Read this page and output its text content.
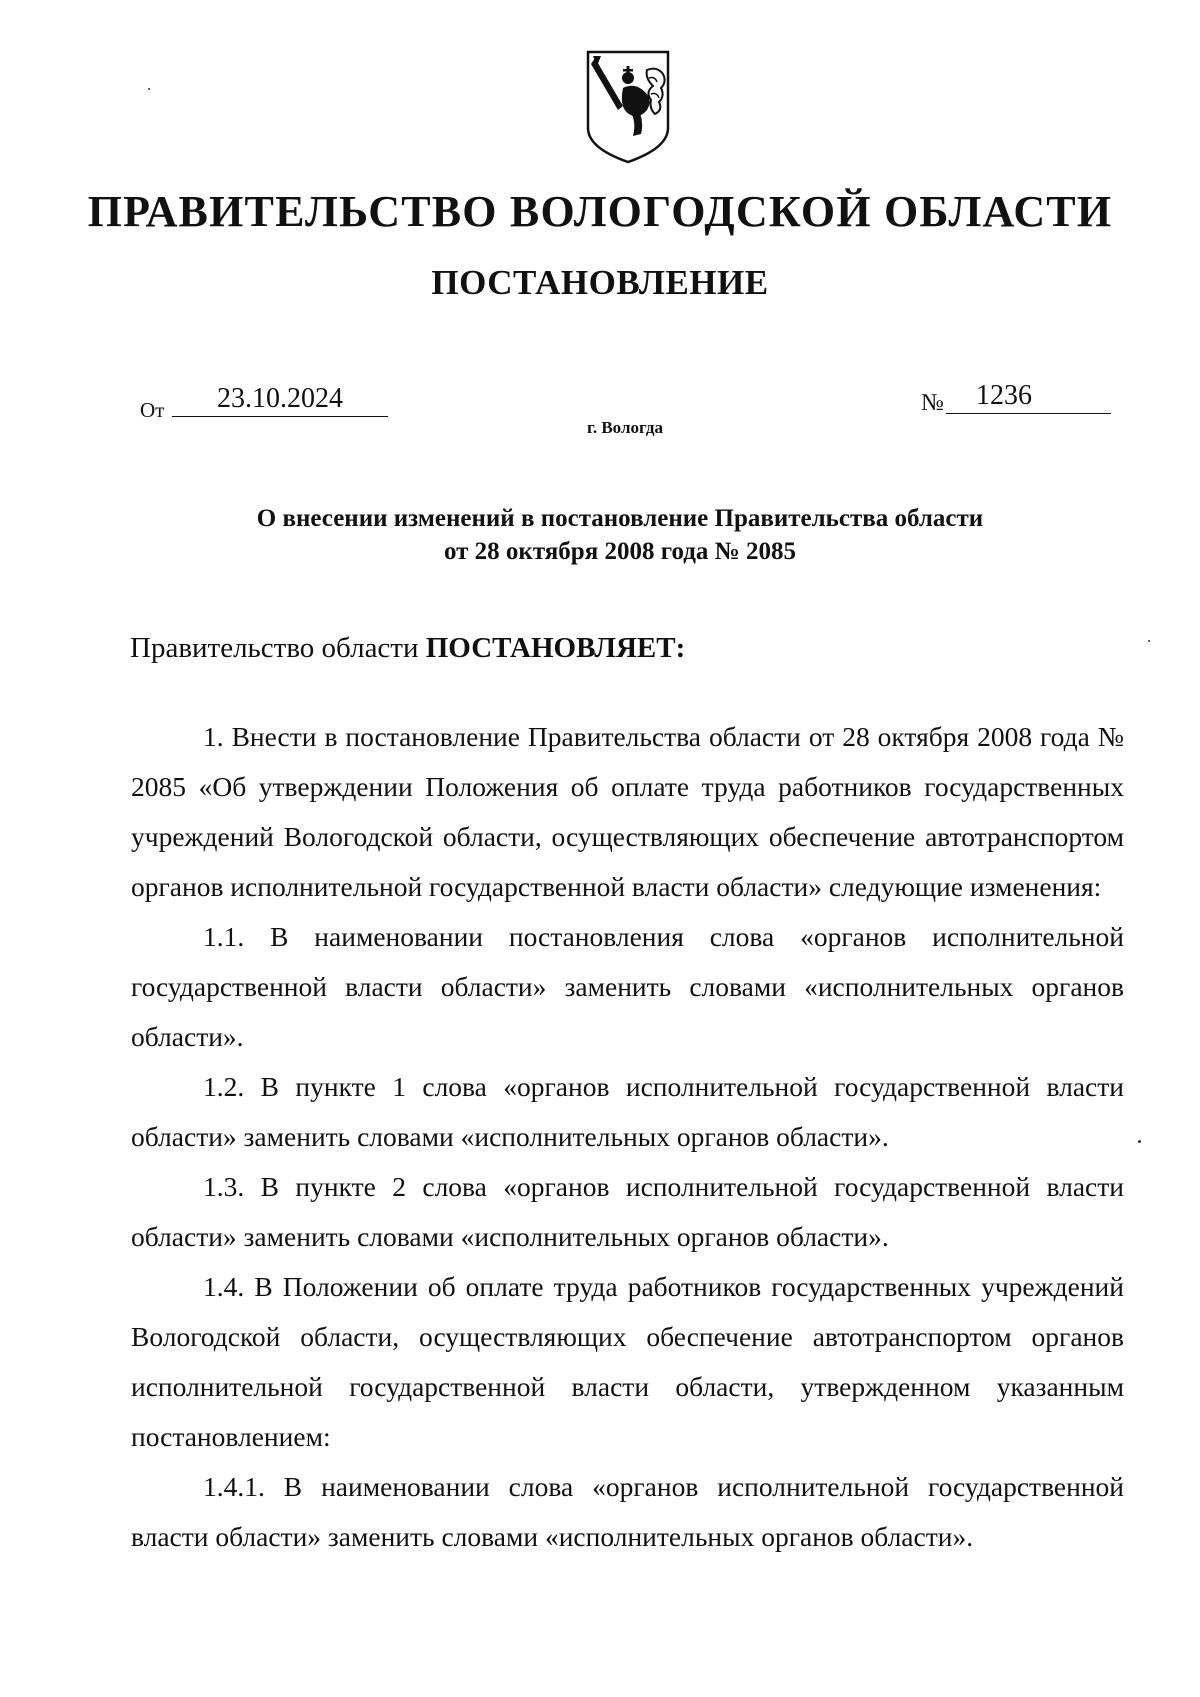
ПРАВИТЕЛЬСТВО ВОЛОГОДСКОЙ ОБЛАСТИ
ПОСТАНОВЛЕНИЕ
От	23.10.2024	№	1236
г. Вологда
О внесении изменений в постановление Правительства области
от 28 октября 2008 года № 2085
Правительство области ПОСТАНОВЛЯЕТ:

1. Внести в постановление Правительства области от 28 октября 2008 года № 2085 «Об утверждении Положения об оплате труда работников государственных учреждений Вологодской области, осуществляющих обеспечение автотранспортом органов исполнительной государственной власти области» следующие изменения:

1.1. В наименовании постановления слова «органов исполнительной государственной власти области» заменить словами «исполнительных органов области».

1.2. В пункте 1 слова «органов исполнительной государственной власти области» заменить словами «исполнительных органов области».

1.3. В пункте 2 слова «органов исполнительной государственной власти области» заменить словами «исполнительных органов области».

1.4. В Положении об оплате труда работников государственных учреждений Вологодской области, осуществляющих обеспечение автотранспортом органов исполнительной государственной власти области, утвержденном указанным постановлением:

1.4.1. В наименовании слова «органов исполнительной государственной власти области» заменить словами «исполнительных органов области».
